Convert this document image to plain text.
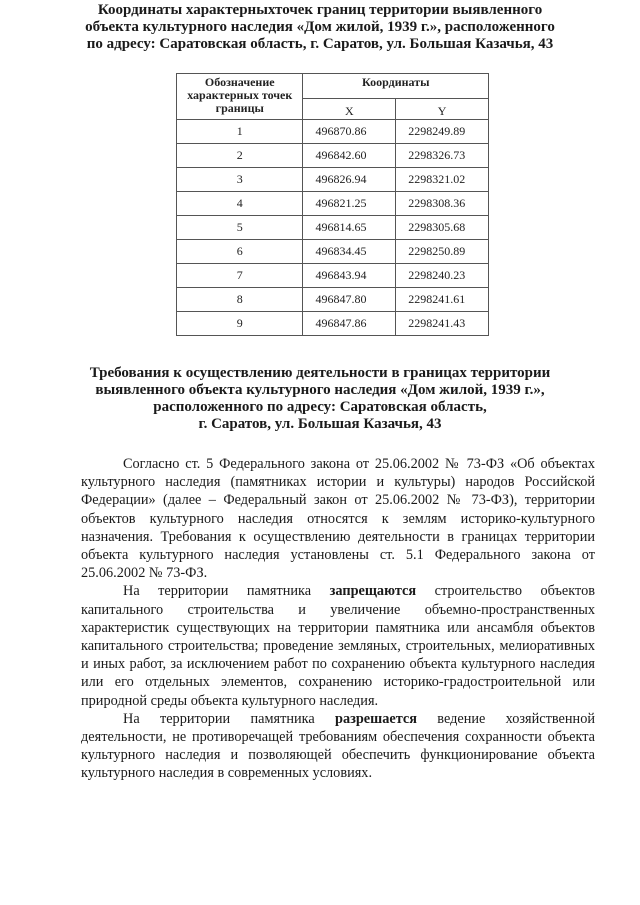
Координаты характерныхточек границ территории выявленного
объекта культурного наследия «Дом жилой, 1939 г.», расположенного
по адресу: Саратовская область, г. Саратов, ул. Большая Казачья, 43
Обозначение характерных точек границы	Координаты	
	X	Y
1	496870.86	2298249.89
2	496842.60	2298326.73
3	496826.94	2298321.02
4	496821.25	2298308.36
5	496814.65	2298305.68
6	496834.45	2298250.89
7	496843.94	2298240.23
8	496847.80	2298241.61
9	496847.86	2298241.43
Требования к осуществлению деятельности в границах территории
выявленного объекта культурного наследия «Дом жилой, 1939 г.»,
расположенного по адресу: Саратовская область,
г. Саратов, ул. Большая Казачья, 43

Согласно ст. 5 Федерального закона от 25.06.2002 № 73-ФЗ «Об объектах культурного наследия (памятниках истории и культуры) народов Российской Федерации» (далее – Федеральный закон от 25.06.2002 № 73-ФЗ), территории объектов культурного наследия относятся к землям историко-культурного назначения. Требования к осуществлению деятельности в границах территории объекта культурного наследия установлены ст. 5.1 Федерального закона от 25.06.2002 № 73-ФЗ.

На территории памятника запрещаются строительство объектов капитального строительства и увеличение объемно-пространственных характеристик существующих на территории памятника или ансамбля объектов капитального строительства; проведение земляных, строительных, мелиоративных и иных работ, за исключением работ по сохранению объекта культурного наследия или его отдельных элементов, сохранению историко-градостроительной или природной среды объекта культурного наследия.

На территории памятника разрешается ведение хозяйственной деятельности, не противоречащей требованиям обеспечения сохранности объекта культурного наследия и позволяющей обеспечить функционирование объекта культурного наследия в современных условиях.
